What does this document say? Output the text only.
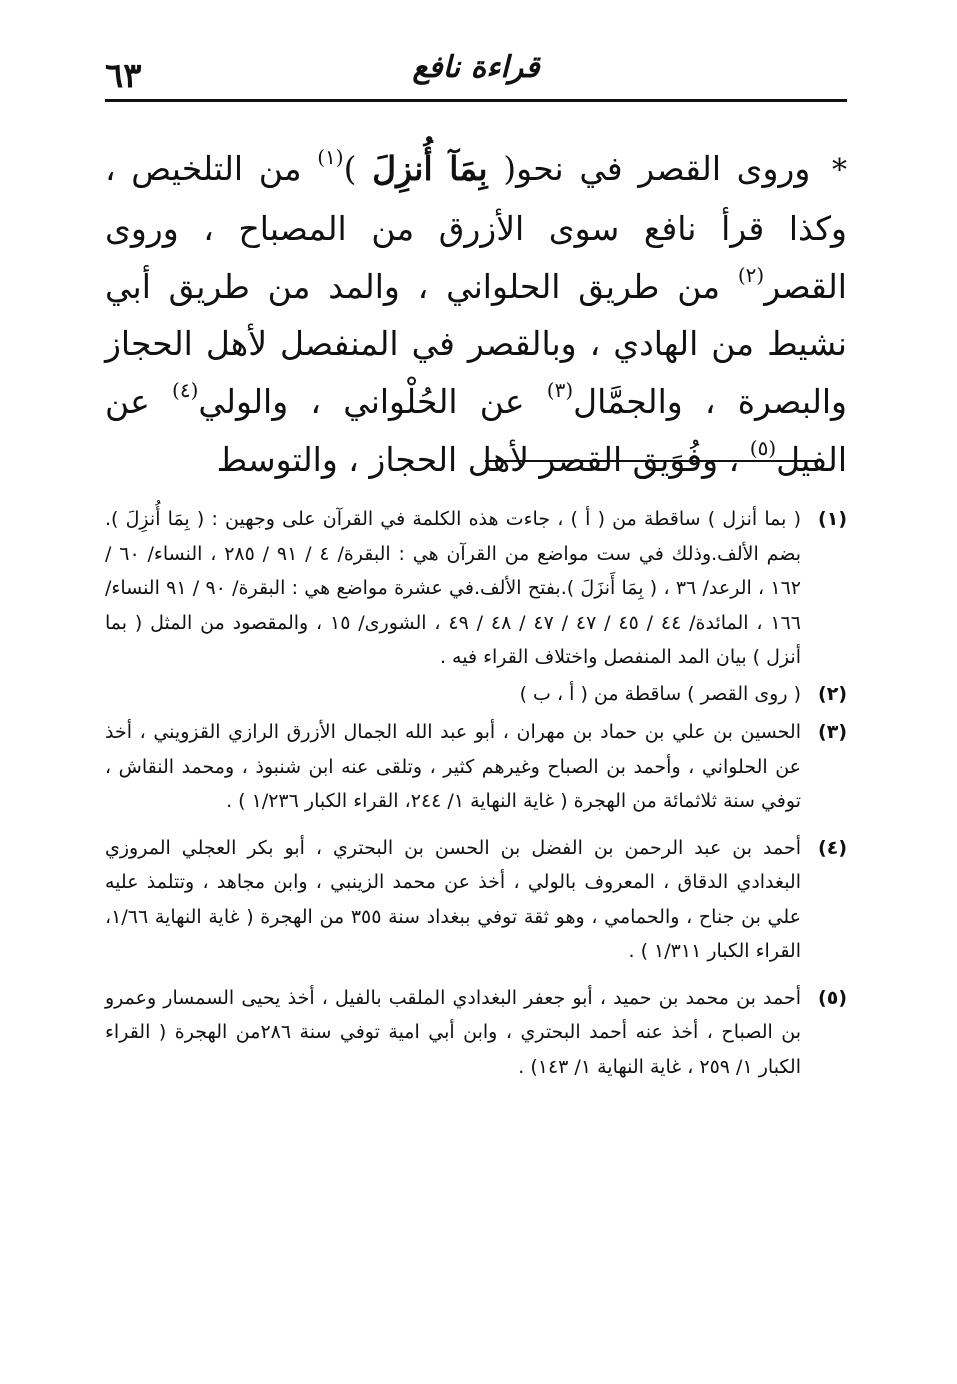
قراءة نافع
٦٣
* وروى القصر في نحو( بِمَآ أُنزِلَ )$^{(١)}$ من التلخيص ، وكذا قرأ نافع سوى الأزرق من المصباح ، وروى القصر$^{(٢)}$ من طريق الحلواني ، والمد من طريق أبي نشيط من الهادي ، وبالقصر في المنفصل لأهل الحجاز والبصرة ، والجمَّال$^{(٣)}$ عن الحُلْواني ، والولي$^{(٤)}$ عن الفيل$^{(٥)}$ ، وفُوَيق القصر لأهل الحجاز ، والتوسط
(١)
( بما أنزل ) ساقطة من ( أ ) ، جاءت هذه الكلمة في القرآن على وجهين : ( بِمَا أُنزِلَ ). بضم الألف.وذلك في ست مواضع من القرآن هي : البقرة/ ٤ / ٩١ / ٢٨٥ ، النساء/ ٦٠ / ١٦٢ ، الرعد/ ٣٦ ، ( بِمَا أَنزَلَ ).بفتح الألف.في عشرة مواضع هي : البقرة/ ٩٠ / ٩١ النساء/ ١٦٦ ، المائدة/ ٤٤ / ٤٥ / ٤٧ / ٤٧ / ٤٨ / ٤٩ ، الشورى/ ١٥ ، والمقصود من المثل ( بما أنزل ) بيان المد المنفصل واختلاف القراء فيه .
(٢)
( روى القصر ) ساقطة من ( أ ، ب )
(٣)
الحسين بن علي بن حماد بن مهران ، أبو عبد الله الجمال الأزرق الرازي القزويني ، أخذ عن الحلواني ، وأحمد بن الصباح وغيرهم كثير ، وتلقى عنه ابن شنبوذ ، ومحمد النقاش ، توفي سنة ثلاثمائة من الهجرة ( غاية النهاية ١/ ٢٤٤، القراء الكبار ١/٢٣٦ ) .
(٤)
أحمد بن عبد الرحمن بن الفضل بن الحسن بن البحتري ، أبو بكر العجلي المروزي البغدادي الدقاق ، المعروف بالولي ، أخذ عن محمد الزينبي ، وابن مجاهد ، وتتلمذ عليه علي بن جناح ، والحمامي ، وهو ثقة توفي ببغداد سنة ٣٥٥ من الهجرة ( غاية النهاية ١/٦٦، القراء الكبار ١/٣١١ ) .
(٥)
أحمد بن محمد بن حميد ، أبو جعفر البغدادي الملقب بالفيل ، أخذ يحيى السمسار وعمرو بن الصباح ، أخذ عنه أحمد البحتري ، وابن أبي امية توفي سنة ٢٨٦من الهجرة ( القراء الكبار ١/ ٢٥٩ ، غاية النهاية ١/ ١٤٣) .
